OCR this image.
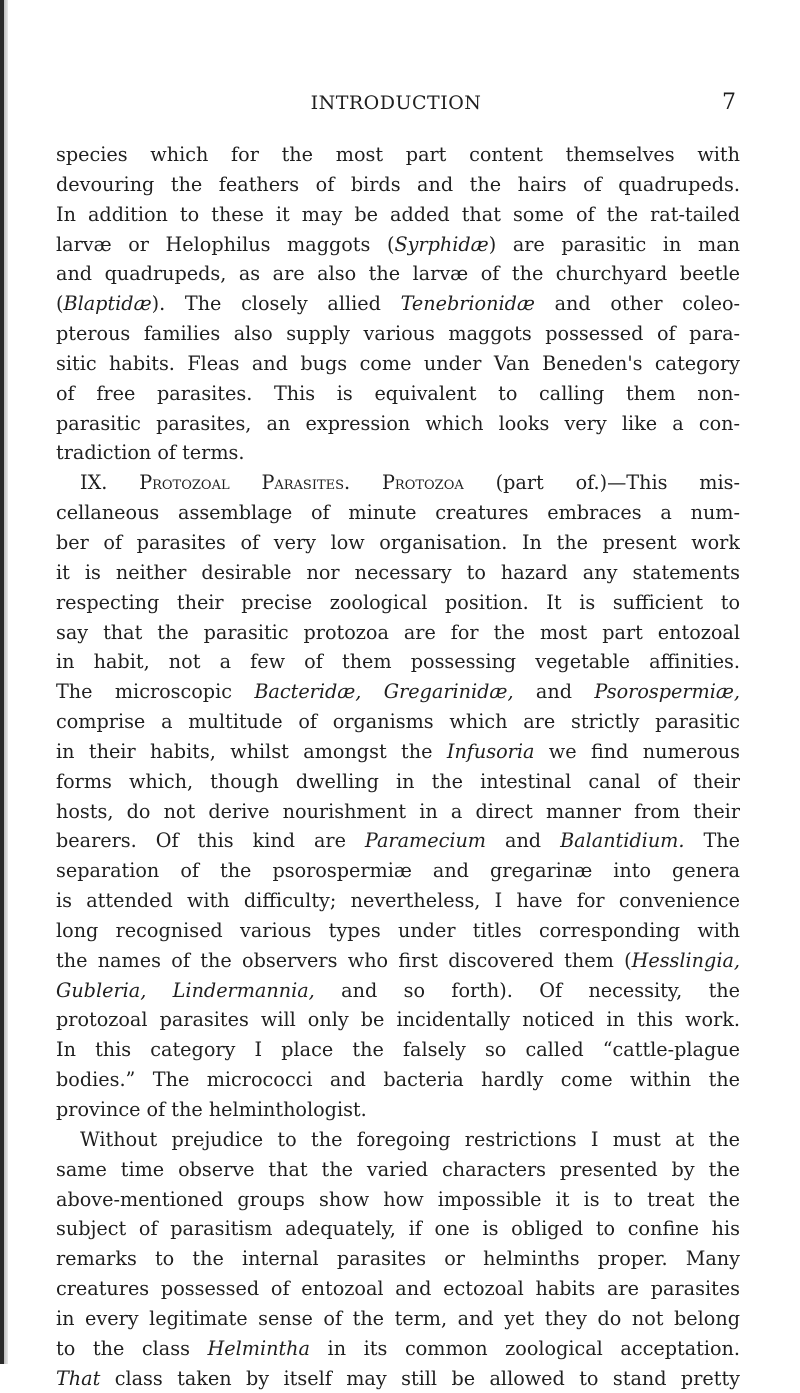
INTRODUCTION	7
species which for the most part content themselves with
devouring the feathers of birds and the hairs of quadrupeds.
In addition to these it may be added that some of the rat-tailed
larvæ or Helophilus maggots (Syrphidæ) are parasitic in man
and quadrupeds, as are also the larvæ of the churchyard beetle
(Blaptidæ). The closely allied Tenebrionidæ and other coleo-
pterous families also supply various maggots possessed of para-
sitic habits. Fleas and bugs come under Van Beneden's category
of free parasites. This is equivalent to calling them non-
parasitic parasites, an expression which looks very like a con-
tradiction of terms.
IX. Protozoal Parasites. Protozoa (part of.)—This mis-
cellaneous assemblage of minute creatures embraces a num-
ber of parasites of very low organisation. In the present work
it is neither desirable nor necessary to hazard any statements
respecting their precise zoological position. It is sufficient to
say that the parasitic protozoa are for the most part entozoal
in habit, not a few of them possessing vegetable affinities.
The microscopic Bacteridæ, Gregarinidæ, and Psorospermiæ,
comprise a multitude of organisms which are strictly parasitic
in their habits, whilst amongst the Infusoria we find numerous
forms which, though dwelling in the intestinal canal of their
hosts, do not derive nourishment in a direct manner from their
bearers. Of this kind are Paramecium and Balantidium. The
separation of the psorospermiæ and gregarinæ into genera
is attended with difficulty; nevertheless, I have for convenience
long recognised various types under titles corresponding with
the names of the observers who first discovered them (Hesslingia,
Gubleria, Lindermannia, and so forth). Of necessity, the
protozoal parasites will only be incidentally noticed in this work.
In this category I place the falsely so called “cattle-plague
bodies.” The micrococci and bacteria hardly come within the
province of the helminthologist.
Without prejudice to the foregoing restrictions I must at the
same time observe that the varied characters presented by the
above-mentioned groups show how impossible it is to treat the
subject of parasitism adequately, if one is obliged to confine his
remarks to the internal parasites or helminths proper. Many
creatures possessed of entozoal and ectozoal habits are parasites
in every legitimate sense of the term, and yet they do not belong
to the class Helmintha in its common zoological acceptation.
That class taken by itself may still be allowed to stand pretty
